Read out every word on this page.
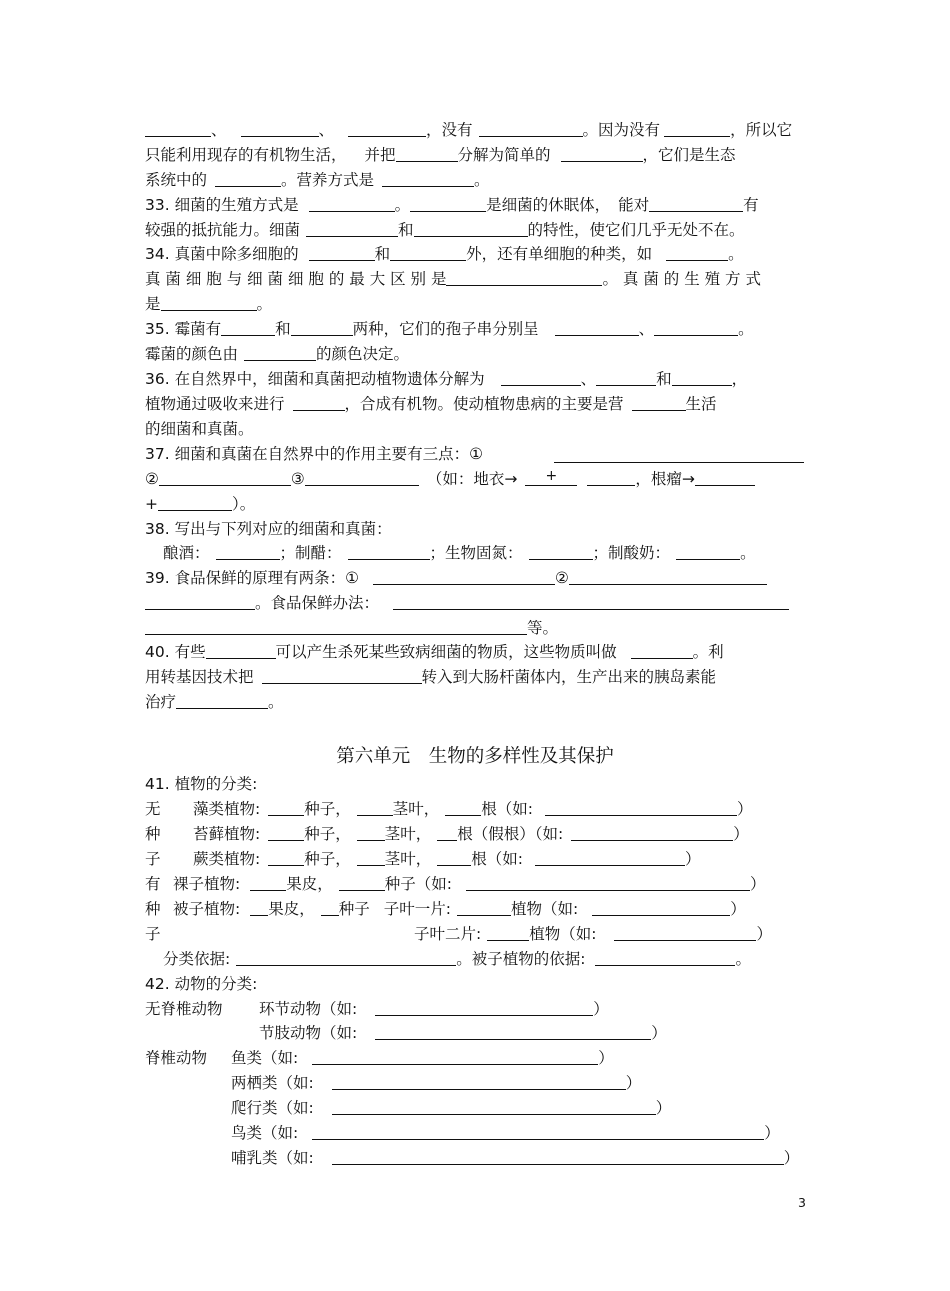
、	、	，没有	。因为没有	，所以它
只能利用现存的有机物生活， 并把	分解为简单的	，它们是生态
系统中的	。营养方式是	。
33. 细菌的生殖方式是	。	是细菌的休眠体， 能对	有
较强的抵抗能力。细菌	和	的特性，使它们几乎无处不在。
34. 真菌中除多细胞的	和	外，还有单细胞的种类，如	。
真 菌 细 胞 与 细 菌 细 胞 的 最 大 区 别 是	。 真 菌 的 生 殖 方 式
是	。
35. 霉菌有	和	两种，它们的孢子串分别呈	、	。
霉菌的颜色由	的颜色决定。
36. 在自然界中，细菌和真菌把动植物遗体分解为	、	和	，
植物通过吸收来进行	，合成有机物。使动植物患病的主要是营	生活
的细菌和真菌。
37. 细菌和真菌在自然界中的作用主要有三点：①
②	③	（如：地衣→+	，根瘤→
+	）。
38. 写出与下列对应的细菌和真菌：
酿酒：	；制醋：	；生物固氮：	；制酸奶：	。
39. 食品保鲜的原理有两条：①	②
。食品保鲜办法：
等。
40. 有些	可以产生杀死某些致病细菌的物质，这些物质叫做	。利
用转基因技术把	转入到大肠杆菌体内，生产出来的胰岛素能
治疗	。
第六单元　生物的多样性及其保护
41. 植物的分类:
无
种
子
藻类植物:	种子，	茎叶，	根（如:	）
苔藓植物:	种子， 茎叶， 根（假根）（如:	）
蕨类植物:	种子， 茎叶，	根（如:	）
有
种
子
裸子植物:	果皮，	种子（如:	）
被子植物: 果皮， 种子 子叶一片:	植物（如:	）
子叶二片:	植物（如:	）
分类依据:	。被子植物的依据:	。
42. 动物的分类:
无脊椎动物 环节动物（如:	）
节肢动物（如:	）
脊椎动物 鱼类（如:	）
两栖类（如:	）
爬行类（如:	）
鸟类（如:	）
哺乳类（如:	）
3
